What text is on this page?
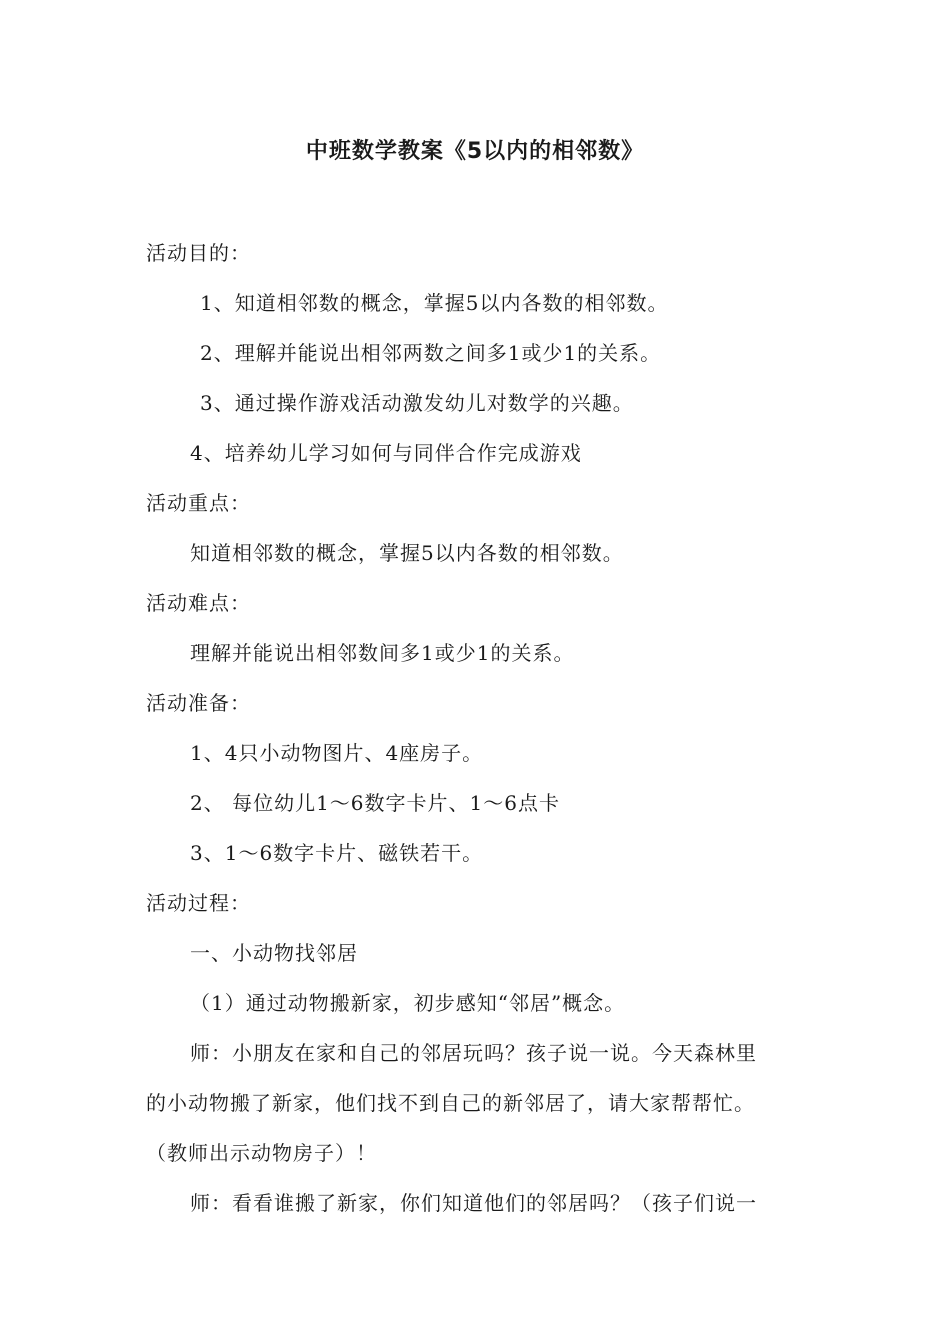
中班数学教案《5以内的相邻数》
活动目的：
1、知道相邻数的概念，掌握5以内各数的相邻数。
2、理解并能说出相邻两数之间多1或少1的关系。
3、通过操作游戏活动激发幼儿对数学的兴趣。
4、培养幼儿学习如何与同伴合作完成游戏
活动重点：
知道相邻数的概念，掌握5以内各数的相邻数。
活动难点：
理解并能说出相邻数间多1或少1的关系。
活动准备：
1、4只小动物图片、4座房子。
2、 每位幼儿1～6数字卡片、1～6点卡
3、1～6数字卡片、磁铁若干。
活动过程：
一、小动物找邻居
（1）通过动物搬新家，初步感知“邻居”概念。
师：小朋友在家和自己的邻居玩吗？孩子说一说。今天森林里
的小动物搬了新家，他们找不到自己的新邻居了，请大家帮帮忙。
（教师出示动物房子）！
师：看看谁搬了新家，你们知道他们的邻居吗？（孩子们说一
